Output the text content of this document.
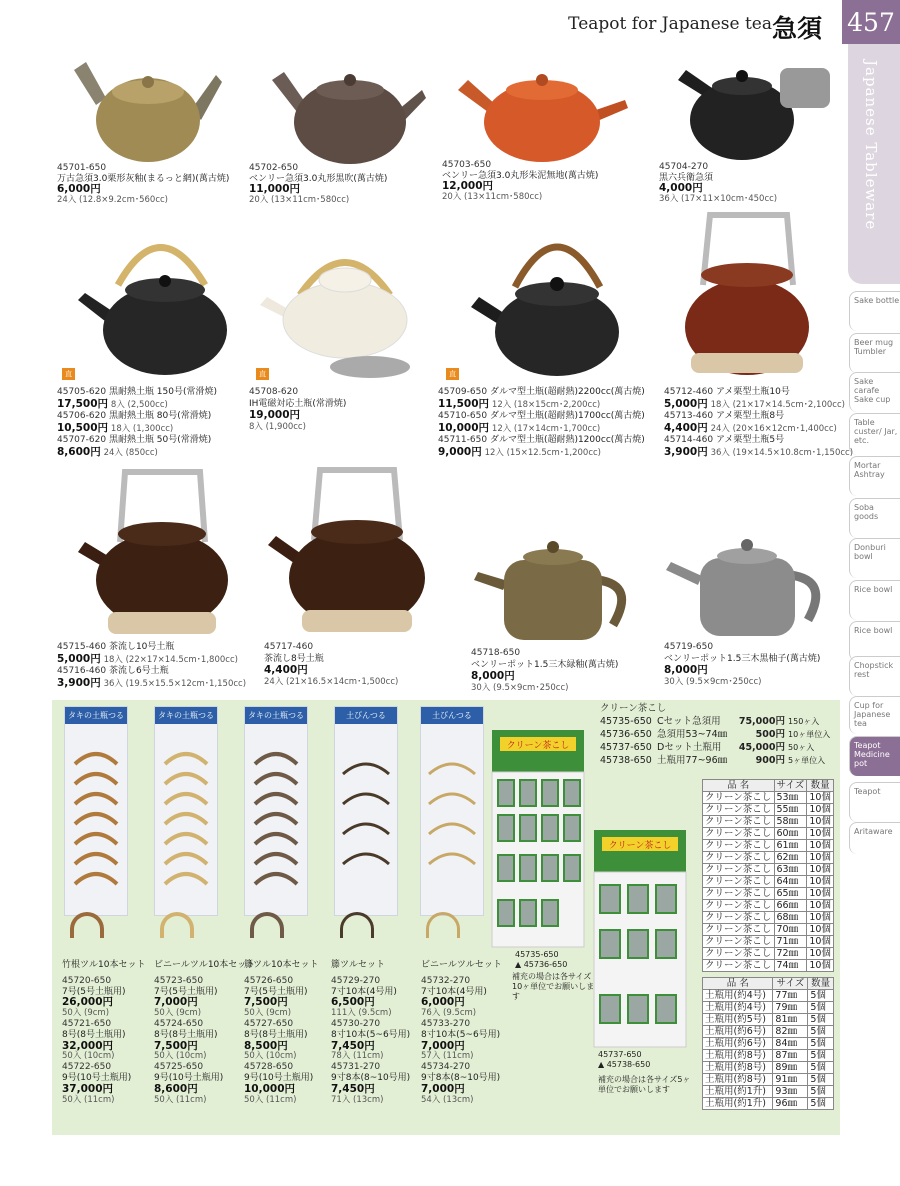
Teapot for Japanese tea 急須 457
Japanese Tableware
Sake bottle
Beer mug Tumbler
Sake carafe Sake cup
Table custer/ Jar, etc.
Mortar Ashtray
Soba goods
Donburi bowl
Rice bowl
Rice bowl
Chopstick rest
Cup for Japanese tea
Teapot
Medicine pot
Teapot
Aritaware
45701-650
万古急須3.0栗形灰釉(まるっと網)(萬古焼)
6,000円
24入 (12.8×9.2cm･560cc)
45702-650
ベンリー急須3.0丸形黒吹(萬古焼)
11,000円
20入 (13×11cm･580cc)
45703-650
ベンリー急須3.0丸形朱泥無地(萬古焼)
12,000円
20入 (13×11cm･580cc)
45704-270
黒六兵衛急須
4,000円
36入 (17×11×10cm･450cc)
直	直	直
45705-620 黒耐熱土瓶 150号(常滑焼)
17,500円 8入 (2,500cc)
45706-620 黒耐熱土瓶 80号(常滑焼)
10,500円 18入 (1,300cc)
45707-620 黒耐熱土瓶 50号(常滑焼)
8,600円 24入 (850cc)
45708-620
IH電磁対応土瓶(常滑焼)
19,000円
8入 (1,900cc)
45709-650 ダルマ型土瓶(超耐熱)2200cc(萬古焼)
11,500円 12入 (18×15cm･2,200cc)
45710-650 ダルマ型土瓶(超耐熱)1700cc(萬古焼)
10,000円 12入 (17×14cm･1,700cc)
45711-650 ダルマ型土瓶(超耐熱)1200cc(萬古焼)
9,000円 12入 (15×12.5cm･1,200cc)
45712-460 アメ栗型土瓶10号
5,000円 18入 (21×17×14.5cm･2,100cc)
45713-460 アメ栗型土瓶8号
4,400円 24入 (20×16×12cm･1,400cc)
45714-460 アメ栗型土瓶5号
3,900円 36入 (19×14.5×10.8cm･1,150cc)
45715-460 茶流し10号土瓶
5,000円 18入 (22×17×14.5cm･1,800cc)
45716-460 茶流し6号土瓶
3,900円 36入 (19.5×15.5×12cm･1,150cc)
45717-460
茶流し8号土瓶
4,400円
24入 (21×16.5×14cm･1,500cc)
45718-650
ベンリーポット1.5三木緑釉(萬古焼)
8,000円
30入 (9.5×9cm･250cc)
45719-650
ベンリーポット1.5三木黒柚子(萬古焼)
8,000円
30入 (9.5×9cm･250cc)
タキの土瓶つる	タキの土瓶つる	タキの土瓶つる	土びんつる	土びんつる
竹根ツル10本セット
45720-650
7号(5号土瓶用)
26,000円
50入 (9cm)
45721-650
8号(8号土瓶用)
32,000円
50入 (10cm)
45722-650
9号(10号土瓶用)
37,000円
50入 (11cm)
ビニールツル10本セット
45723-650
7号(5号土瓶用)
7,000円
50入 (9cm)
45724-650
8号(8号土瓶用)
7,500円
50入 (10cm)
45725-650
9号(10号土瓶用)
8,600円
50入 (11cm)
籐ツル10本セット
45726-650
7号(5号土瓶用)
7,500円
50入 (9cm)
45727-650
8号(8号土瓶用)
8,500円
50入 (10cm)
45728-650
9号(10号土瓶用)
10,000円
50入 (11cm)
籐ツルセット
45729-270
7寸10本(4号用)
6,500円
111入 (9.5cm)
45730-270
8寸10本(5~6号用)
7,450円
78入 (11cm)
45731-270
9寸8本(8~10号用)
7,450円
71入 (13cm)
ビニールツルセット
45732-270
7寸10本(4号用)
6,000円
76入 (9.5cm)
45733-270
8寸10本(5~6号用)
7,000円
57入 (11cm)
45734-270
9寸8本(8~10号用)
7,000円
54入 (13cm)
クリーン茶こし
クリーン茶こし
45735-650
▲ 45736-650
補充の場合は各サイズ10ヶ単位でお願いします
45737-650
▲ 45738-650
補充の場合は各サイズ5ヶ単位でお願いします
クリーン茶こし
45735-650 Cセット急須用 75,000円 150ヶ入
45736-650 急須用53~74㎜	500円 10ヶ単位入
45737-650 Dセット土瓶用 45,000円 50ヶ入
45738-650 土瓶用77~96㎜	900円 5ヶ単位入
品 名	サイズ	数量
クリーン茶こし	53㎜	10個
クリーン茶こし	55㎜	10個
クリーン茶こし	58㎜	10個
クリーン茶こし	60㎜	10個
クリーン茶こし	61㎜	10個
クリーン茶こし	62㎜	10個
クリーン茶こし	63㎜	10個
クリーン茶こし	64㎜	10個
クリーン茶こし	65㎜	10個
クリーン茶こし	66㎜	10個
クリーン茶こし	68㎜	10個
クリーン茶こし	70㎜	10個
クリーン茶こし	71㎜	10個
クリーン茶こし	72㎜	10個
クリーン茶こし	74㎜	10個
品 名	サイズ	数量
土瓶用(約4号)	77㎜	5個
土瓶用(約4号)	79㎜	5個
土瓶用(約5号)	81㎜	5個
土瓶用(約6号)	82㎜	5個
土瓶用(約6号)	84㎜	5個
土瓶用(約8号)	87㎜	5個
土瓶用(約8号)	89㎜	5個
土瓶用(約8号)	91㎜	5個
土瓶用(約1升)	93㎜	5個
土瓶用(約1升)	96㎜	5個
